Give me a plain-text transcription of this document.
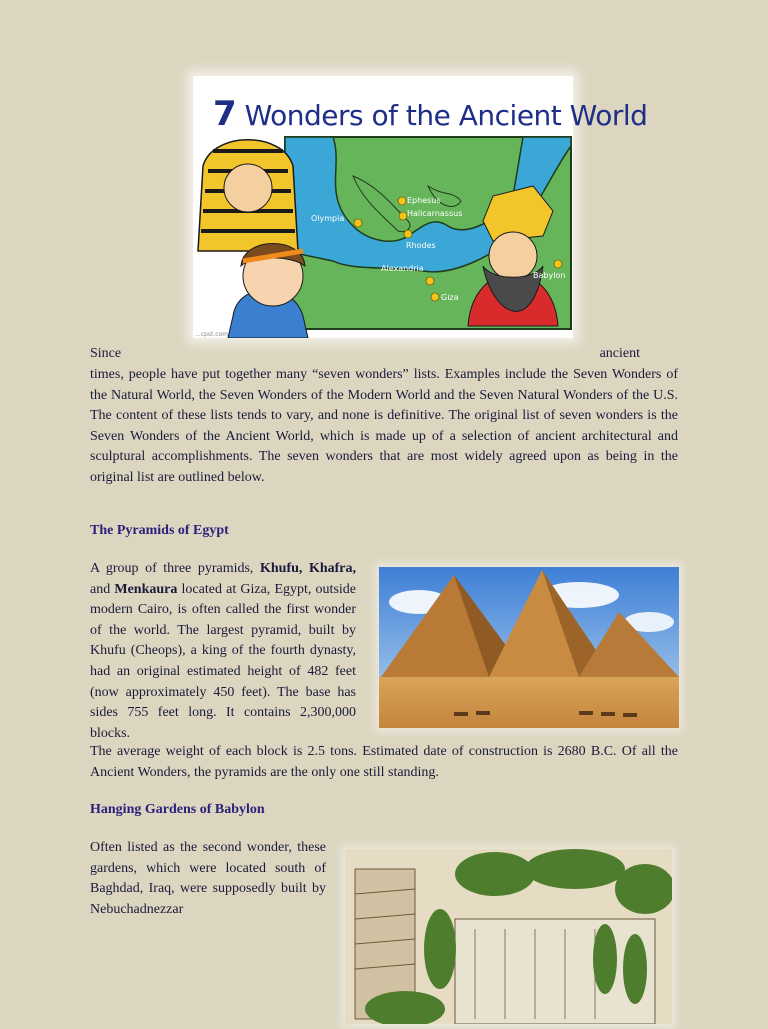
7 Wonders of the Ancient World
Olympia
Ephesus
Halicarnassus
Rhodes
Alexandria
Giza
Babylon
...cpst.com
Since	ancient

times, people have put together many “seven wonders” lists. Examples include the Seven Wonders of the Natural World, the Seven Wonders of the Modern World and the Seven Natural Wonders of the U.S. The content of these lists tends to vary, and none is definitive. The original list of seven wonders is the Seven Wonders of the Ancient World, which is made up of a selection of ancient architectural and sculptural accomplishments. The seven wonders that are most widely agreed upon as being in the original list are outlined below.

The Pyramids of Egypt

A group of three pyramids, Khufu, Khafra, and Menkaura located at Giza, Egypt, outside modern Cairo, is often called the first wonder of the world. The largest pyramid, built by Khufu (Cheops), a king of the fourth dynasty, had an original estimated height of 482 feet (now approximately 450 feet). The base has sides 755 feet long. It contains 2,300,000 blocks.

The average weight of each block is 2.5 tons. Estimated date of construction is 2680 B.C. Of all the Ancient Wonders, the pyramids are the only one still standing.

Hanging Gardens of Babylon

Often listed as the second wonder, these gardens, which were located south of Baghdad, Iraq, were supposedly built by Nebuchadnezzar
